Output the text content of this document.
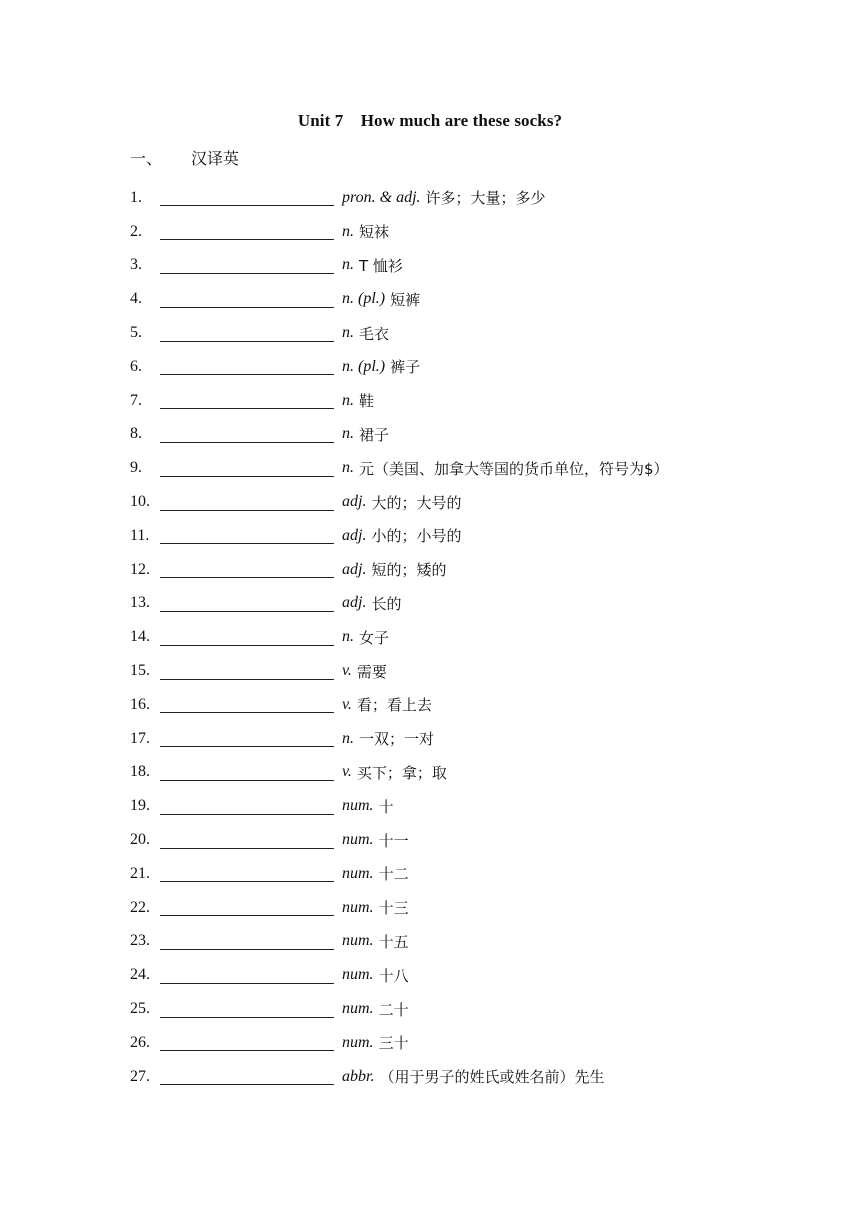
Unit 7    How much are these socks?
一、 汉译英
1.	pron. & adj. 许多；大量；多少
2.	n. 短袜
3.	n. T 恤衫
4.	n. (pl.) 短裤
5.	n. 毛衣
6.	n. (pl.) 裤子
7.	n. 鞋
8.	n. 裙子
9.	n. 元（美国、加拿大等国的货币单位，符号为$）
10.	adj. 大的；大号的
11.	adj. 小的；小号的
12.	adj. 短的；矮的
13.	adj. 长的
14.	n. 女子
15.	v. 需要
16.	v. 看；看上去
17.	n. 一双；一对
18.	v. 买下；拿；取
19.	num. 十
20.	num. 十一
21.	num. 十二
22.	num. 十三
23.	num. 十五
24.	num. 十八
25.	num. 二十
26.	num. 三十
27.	abbr. （用于男子的姓氏或姓名前）先生
